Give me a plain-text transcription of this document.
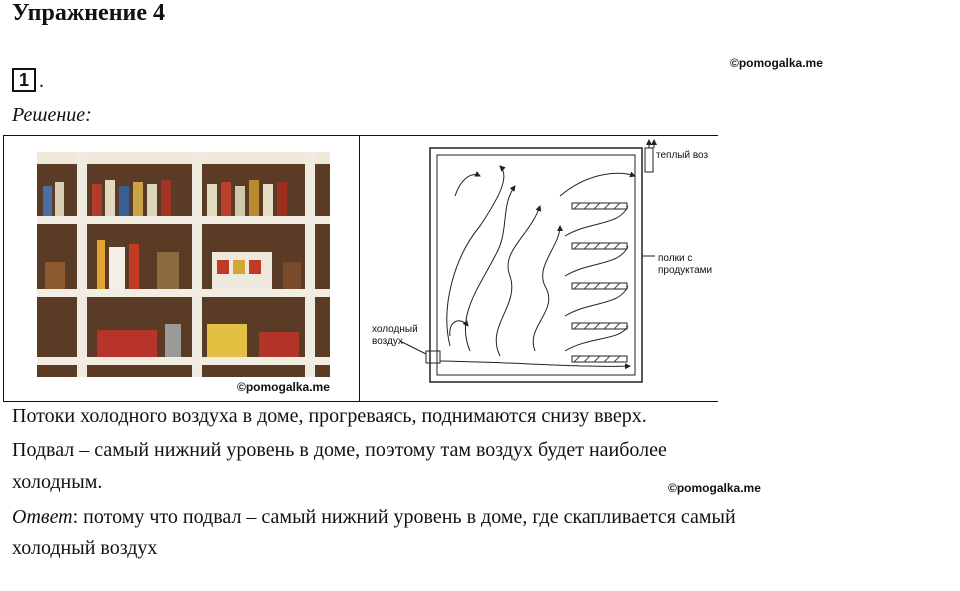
Упражнение 4
©pomogalka.me
1 .
Решение:
©pomogalka.me
теплый воз
полки с
продуктами
холодный
воздух
Потоки холодного воздуха в доме, прогреваясь, поднимаются снизу вверх.
Подвал – самый нижний уровень в доме, поэтому там воздух будет наиболее
холодным.	©pomogalka.me
Ответ: потому что подвал – самый нижний уровень в доме, где скапливается самый
холодный воздух
